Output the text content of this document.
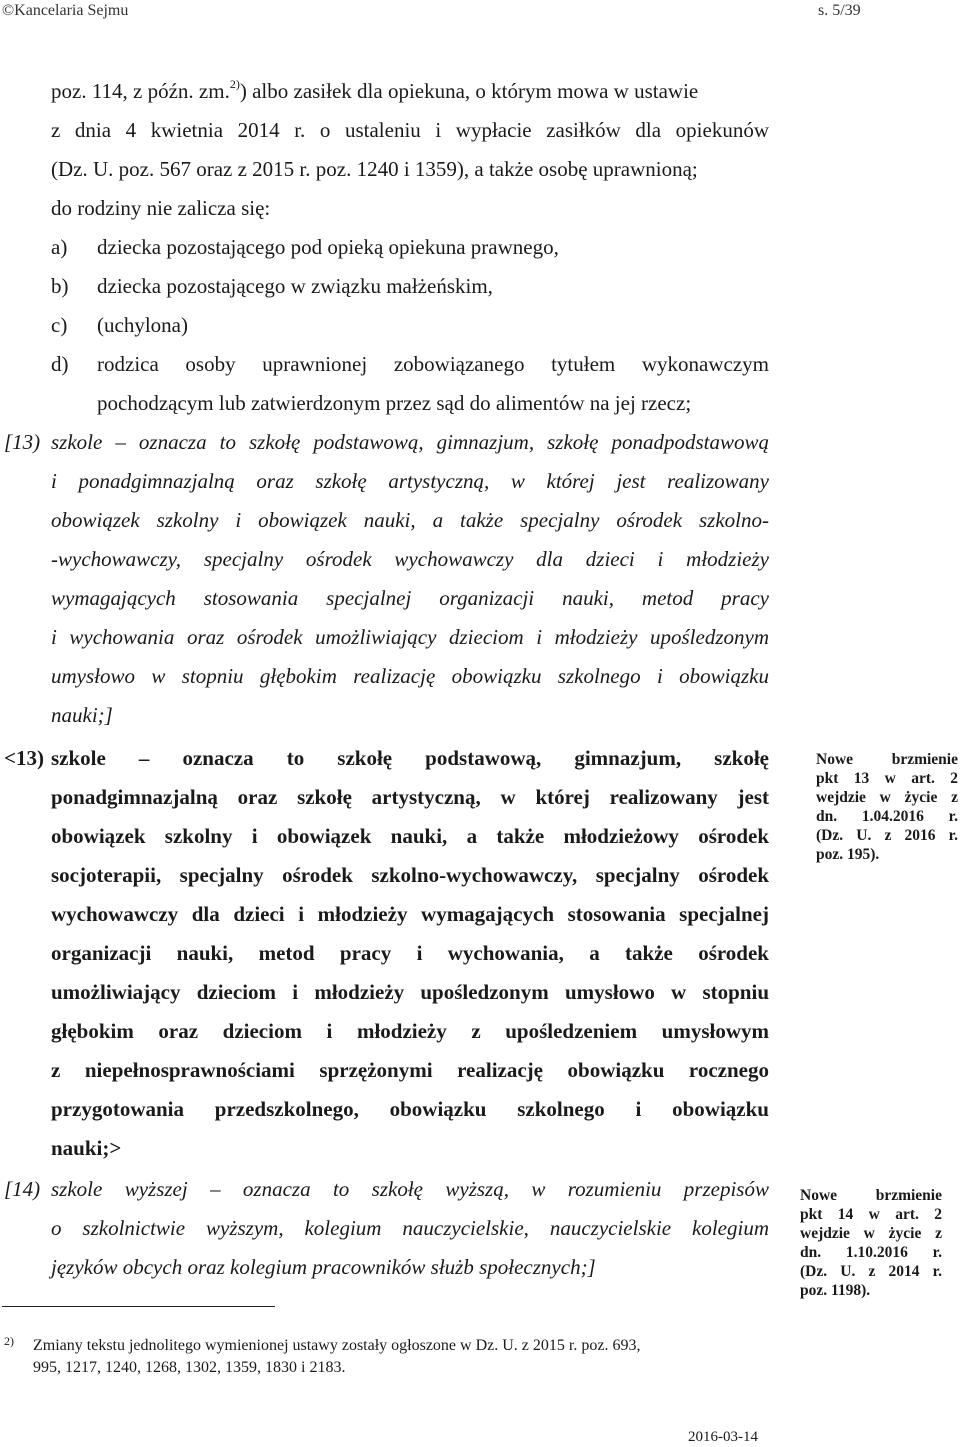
©Kancelaria Sejmu	s. 5/39
poz. 114, z późn. zm.$^{2)}$) albo zasiłek dla opiekuna, o którym mowa w ustawie
z dnia 4 kwietnia 2014 r. o ustaleniu i wypłacie zasiłków dla opiekunów
(Dz. U. poz. 567 oraz z 2015 r. poz. 1240 i 1359), a także osobę uprawnioną;
do rodziny nie zalicza się:
a) dziecka pozostającego pod opieką opiekuna prawnego,
b) dziecka pozostającego w związku małżeńskim,
c) (uchylona)
d) rodzica osoby uprawnionej zobowiązanego tytułem wykonawczym
pochodzącym lub zatwierdzonym przez sąd do alimentów na jej rzecz;
[13) szkole – oznacza to szkołę podstawową, gimnazjum, szkołę ponadpodstawową
i ponadgimnazjalną oraz szkołę artystyczną, w której jest realizowany
obowiązek szkolny i obowiązek nauki, a także specjalny ośrodek szkolno-
-wychowawczy, specjalny ośrodek wychowawczy dla dzieci i młodzieży
wymagających stosowania specjalnej organizacji nauki, metod pracy
i wychowania oraz ośrodek umożliwiający dzieciom i młodzieży upośledzonym
umysłowo w stopniu głębokim realizację obowiązku szkolnego i obowiązku
nauki;]
<13) szkole – oznacza to szkołę podstawową, gimnazjum, szkołę
ponadgimnazjalną oraz szkołę artystyczną, w której realizowany jest
obowiązek szkolny i obowiązek nauki, a także młodzieżowy ośrodek
socjoterapii, specjalny ośrodek szkolno-wychowawczy, specjalny ośrodek
wychowawczy dla dzieci i młodzieży wymagających stosowania specjalnej
organizacji nauki, metod pracy i wychowania, a także ośrodek
umożliwiający dzieciom i młodzieży upośledzonym umysłowo w stopniu
głębokim oraz dzieciom i młodzieży z upośledzeniem umysłowym
z niepełnosprawnościami sprzężonymi realizację obowiązku rocznego
przygotowania przedszkolnego, obowiązku szkolnego i obowiązku
nauki;>
[14) szkole wyższej – oznacza to szkołę wyższą, w rozumieniu przepisów
o szkolnictwie wyższym, kolegium nauczycielskie, nauczycielskie kolegium
języków obcych oraz kolegium pracowników służb społecznych;]
Nowe brzmienie
pkt 13 w art. 2
wejdzie w życie z
dn. 1.04.2016 r.
(Dz. U. z 2016 r.
poz. 195).
Nowe brzmienie
pkt 14 w art. 2
wejdzie w życie z
dn. 1.10.2016 r.
(Dz. U. z 2014 r.
poz. 1198).
2) Zmiany tekstu jednolitego wymienionej ustawy zostały ogłoszone w Dz. U. z 2015 r. poz. 693,
995, 1217, 1240, 1268, 1302, 1359, 1830 i 2183.
2016-03-14
